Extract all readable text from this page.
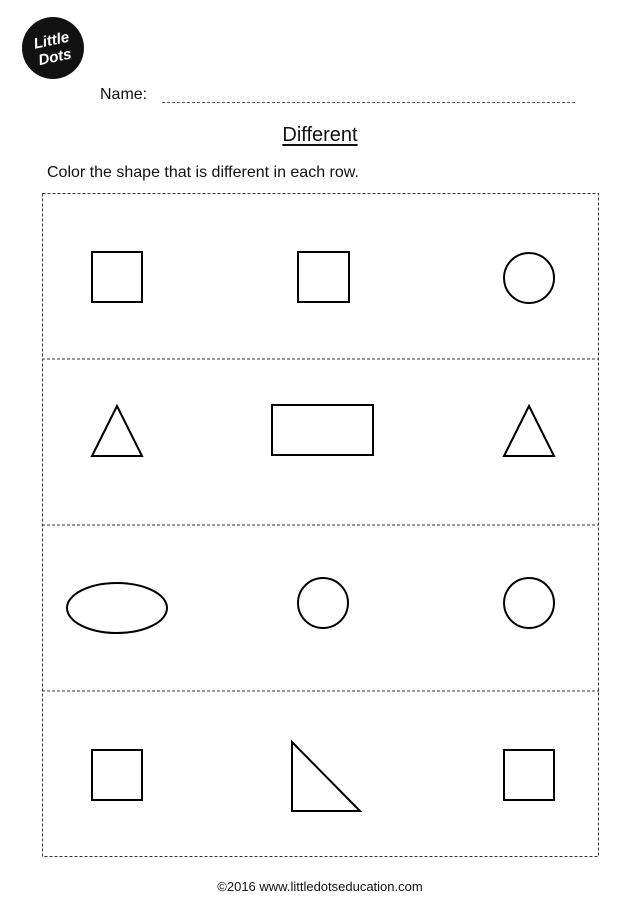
Little
Dots
Name:
Different
Color the shape that is different in each row.
©2016 www.littledotseducation.com
